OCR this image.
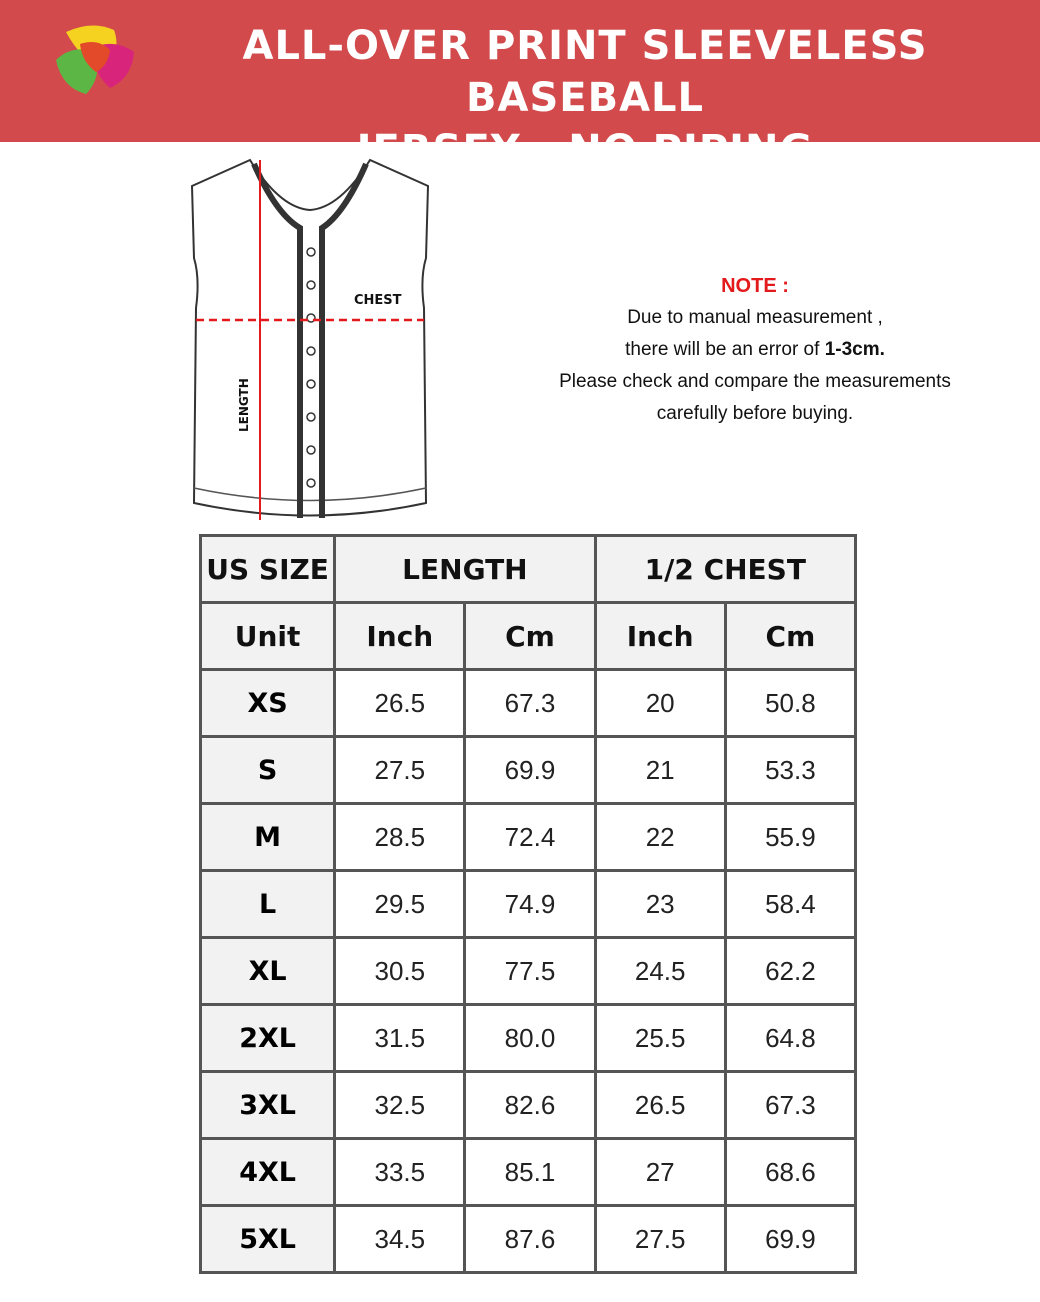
ALL-OVER PRINT SLEEVELESS BASEBALL
JERSEY - NO PIPING
CHEST
LENGTH
NOTE :
Due to manual measurement ,
there will be an error of 1-3cm.
Please check and compare the measurements
carefully before buying.
US SIZE	LENGTH		1/2 CHEST	
Unit	Inch	Cm	Inch	Cm
XS	26.5	67.3	20	50.8
S	27.5	69.9	21	53.3
M	28.5	72.4	22	55.9
L	29.5	74.9	23	58.4
XL	30.5	77.5	24.5	62.2
2XL	31.5	80.0	25.5	64.8
3XL	32.5	82.6	26.5	67.3
4XL	33.5	85.1	27	68.6
5XL	34.5	87.6	27.5	69.9
